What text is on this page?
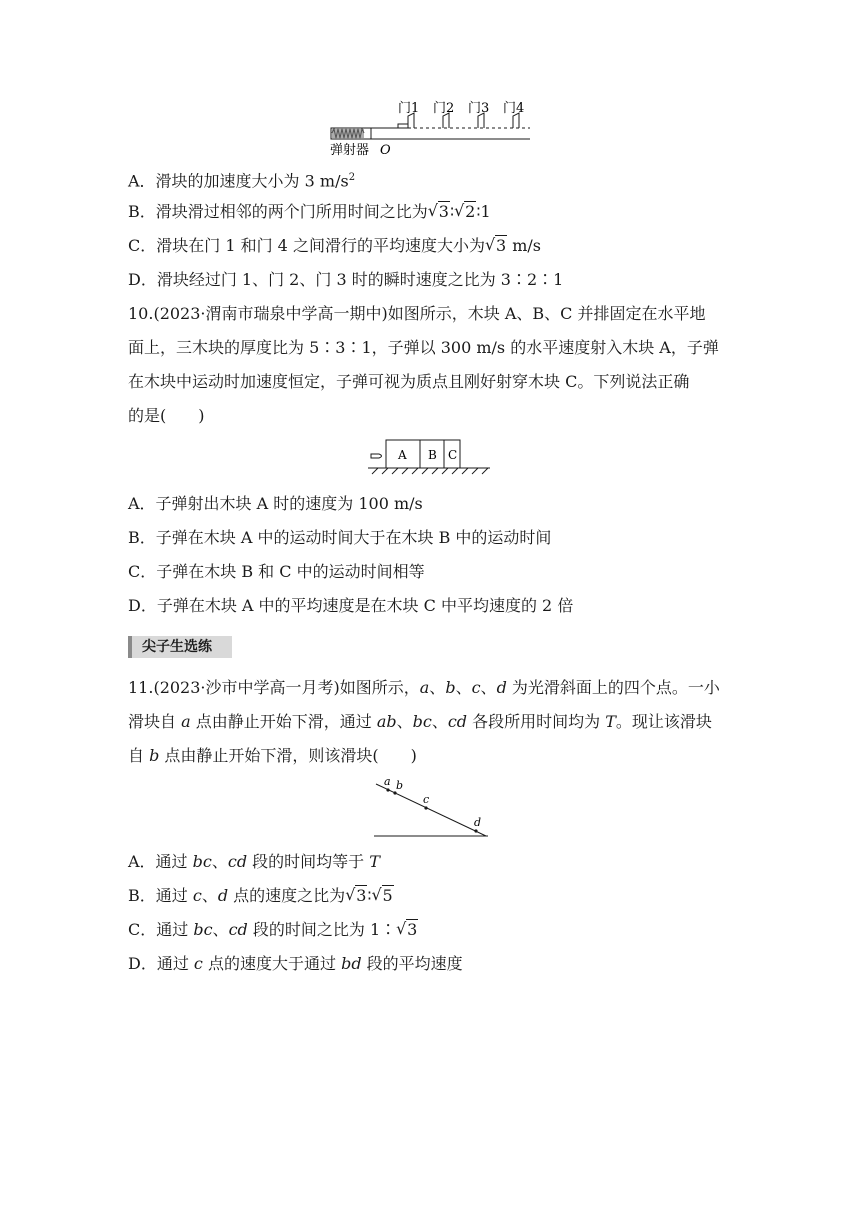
门1 门2 门3 门4
弹射器 O
A．滑块的加速度大小为 3 $m/s^2$
B．滑块滑过相邻的两个门所用时间之比为 √ 3∶ √ 2∶1
C．滑块在门 1 和门 4 之间滑行的平均速度大小为 √ 3 m/s
D．滑块经过门 1、门 2、门 3 时的瞬时速度之比为 3∶2∶1
10.(2023·渭南市瑞泉中学高一期中)如图所示，木块 A、B、C 并排固定在水平地
面上，三木块的厚度比为 5∶3∶1，子弹以 300 m/s 的水平速度射入木块 A，子弹
在木块中运动时加速度恒定，子弹可视为质点且刚好射穿木块 C。下列说法正确
的是(　　)
A B C
A．子弹射出木块 A 时的速度为 100 m/s
B．子弹在木块 A 中的运动时间大于在木块 B 中的运动时间
C．子弹在木块 B 和 C 中的运动时间相等
D．子弹在木块 A 中的平均速度是在木块 C 中平均速度的 2 倍
尖子生选练
11.(2023·沙市中学高一月考)如图所示，a、b、c、d 为光滑斜面上的四个点。一小
滑块自 a 点由静止开始下滑，通过 ab、bc、cd 各段所用时间均为 T。现让该滑块
自 b 点由静止开始下滑，则该滑块(　　)
a b
c
d
A．通过 bc、cd 段的时间均等于 T
B．通过 c、d 点的速度之比为 √ 3∶ √ 5
C．通过 bc、cd 段的时间之比为 1∶ √ 3
D．通过 c 点的速度大于通过 bd 段的平均速度
